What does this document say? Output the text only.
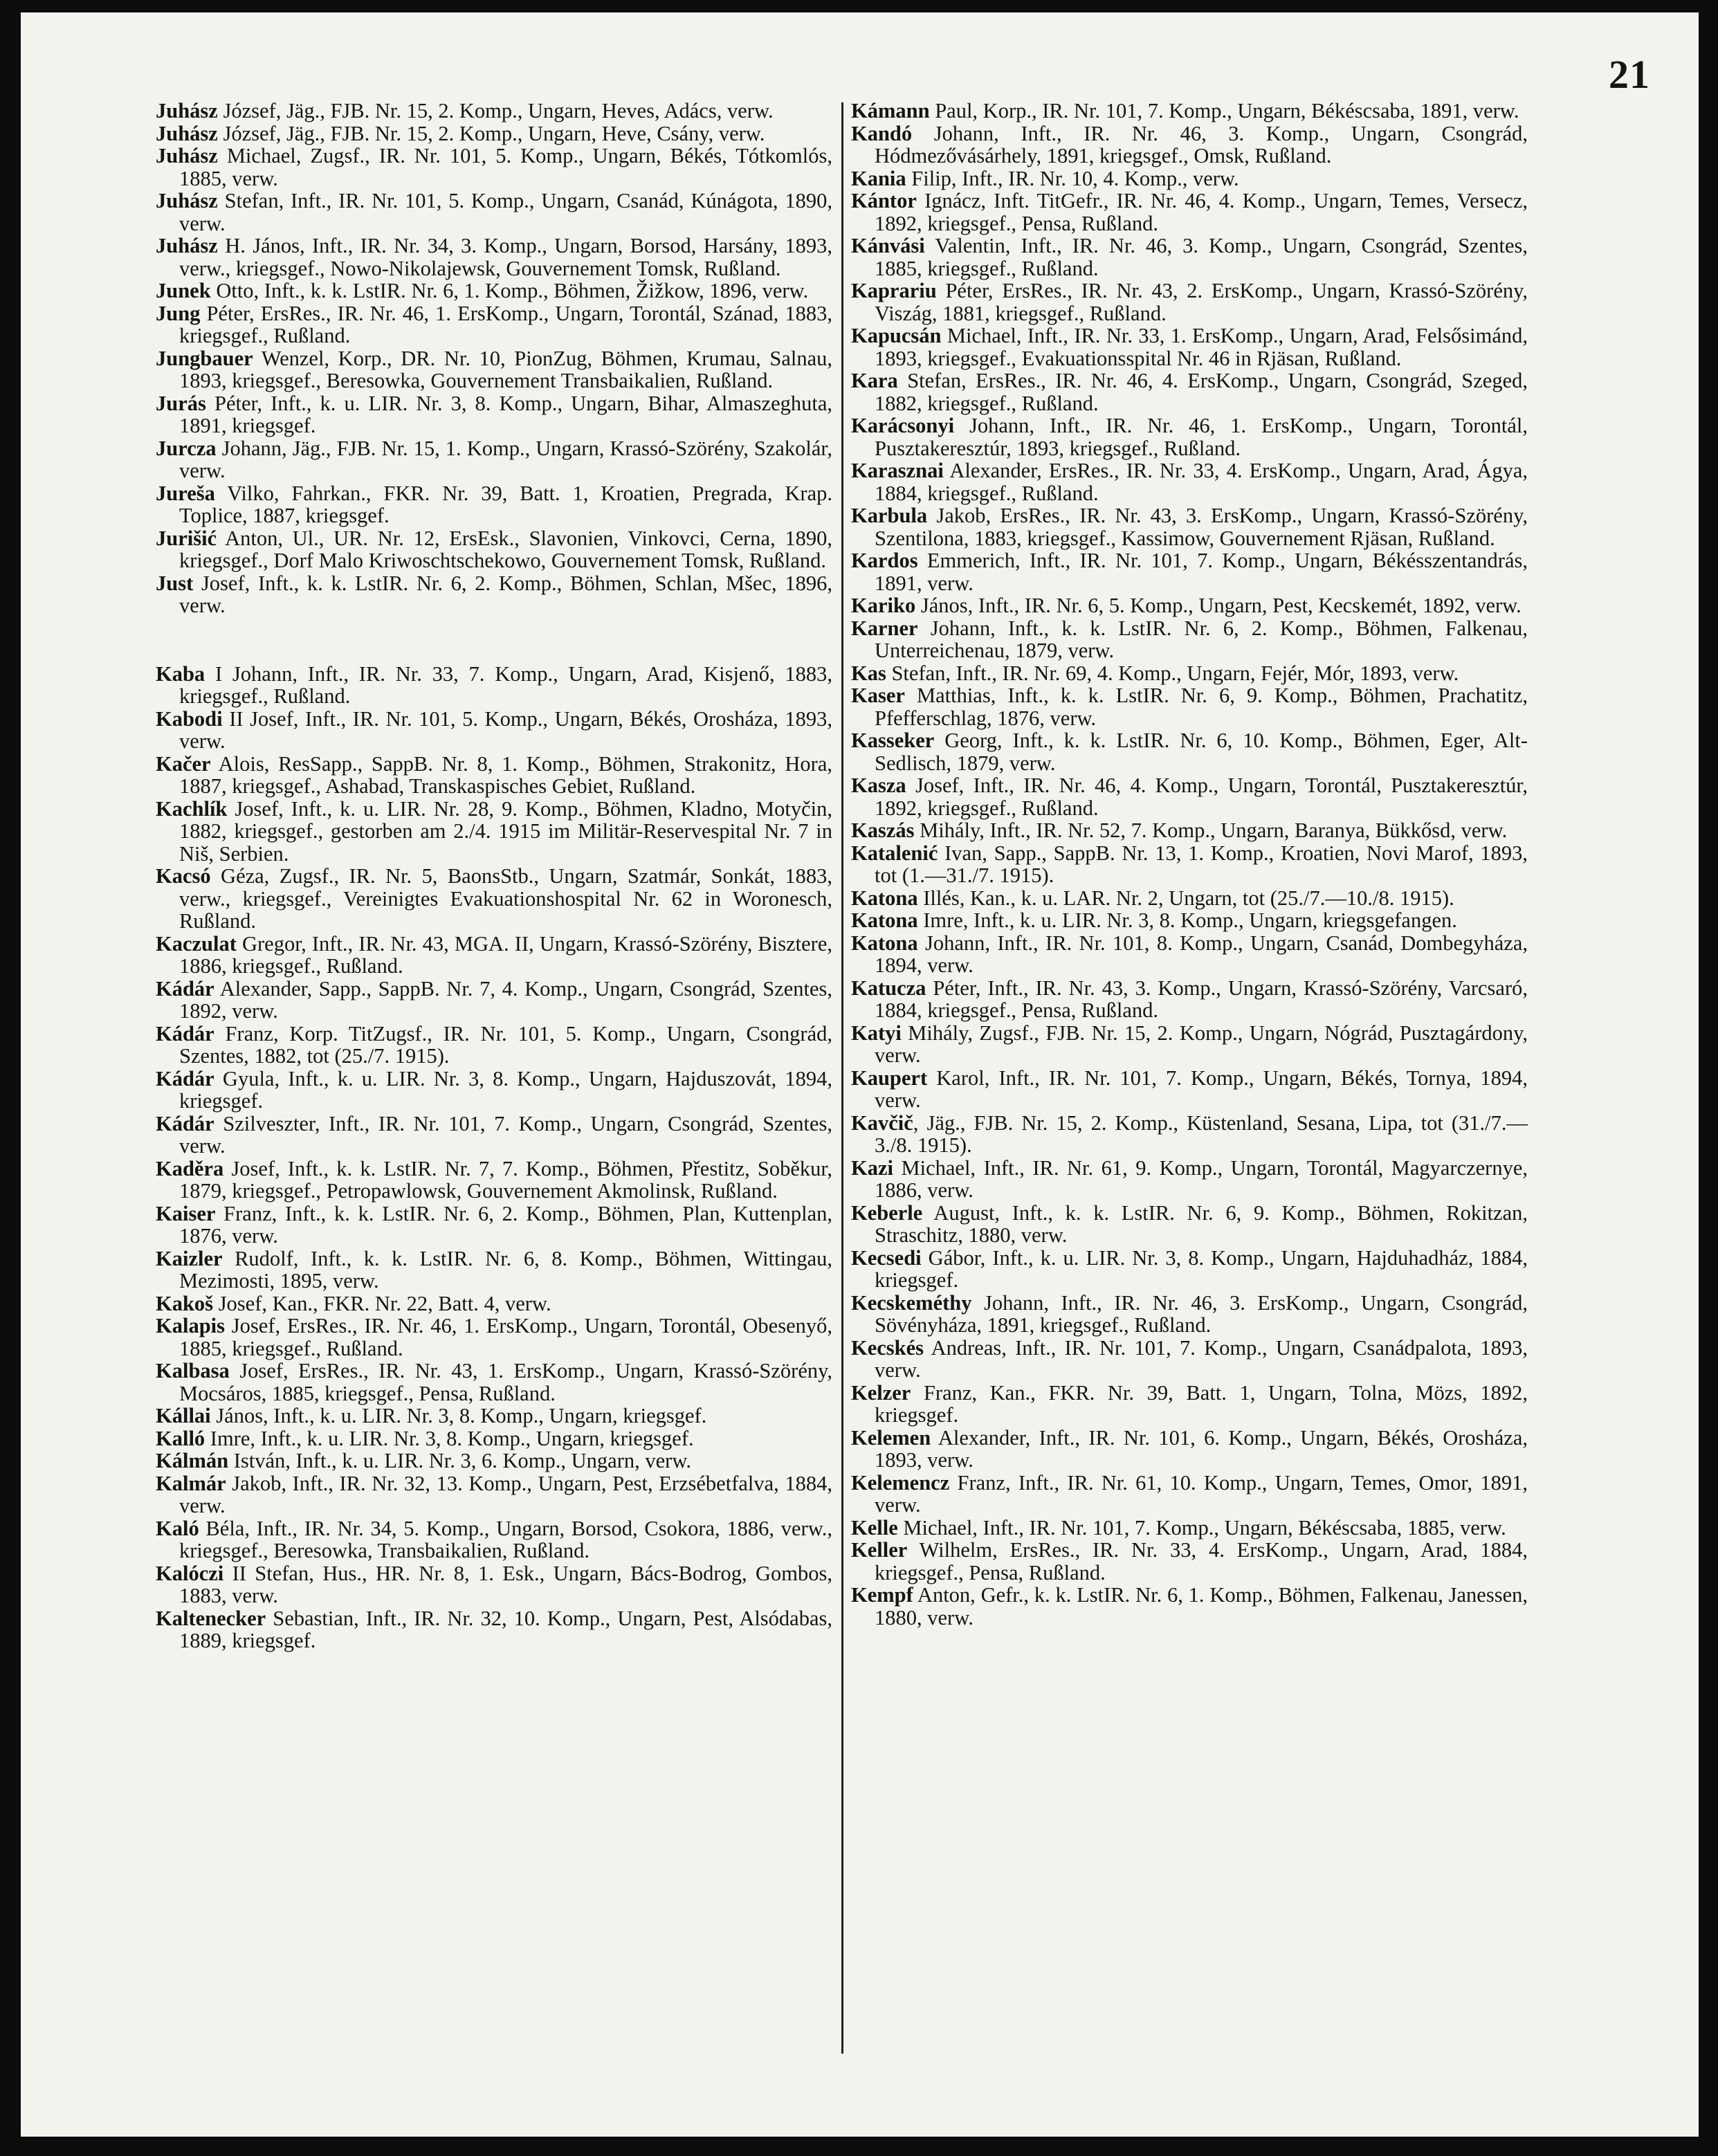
21

Juhász József, Jäg., FJB. Nr. 15, 2. Komp., Ungarn, Heves, Adács, verw.

Juhász József, Jäg., FJB. Nr. 15, 2. Komp., Ungarn, Heve, Csány, verw.

Juhász Michael, Zugsf., IR. Nr. 101, 5. Komp., Ungarn, Békés, Tótkomlós, 1885, verw.

Juhász Stefan, Inft., IR. Nr. 101, 5. Komp., Ungarn, Csanád, Kúnágota, 1890, verw.

Juhász H. János, Inft., IR. Nr. 34, 3. Komp., Ungarn, Borsod, Harsány, 1893, verw., kriegsgef., Nowo-Nikolajewsk, Gouvernement Tomsk, Rußland.

Junek Otto, Inft., k. k. LstIR. Nr. 6, 1. Komp., Böhmen, Žižkow, 1896, verw.

Jung Péter, ErsRes., IR. Nr. 46, 1. ErsKomp., Ungarn, Torontál, Szánad, 1883, kriegsgef., Rußland.

Jungbauer Wenzel, Korp., DR. Nr. 10, PionZug, Böhmen, Krumau, Salnau, 1893, kriegsgef., Beresowka, Gouvernement Transbaikalien, Rußland.

Jurás Péter, Inft., k. u. LIR. Nr. 3, 8. Komp., Ungarn, Bihar, Almaszeghuta, 1891, kriegsgef.

Jurcza Johann, Jäg., FJB. Nr. 15, 1. Komp., Ungarn, Krassó-Szörény, Szakolár, verw.

Jureša Vilko, Fahrkan., FKR. Nr. 39, Batt. 1, Kroatien, Pregrada, Krap. Toplice, 1887, kriegsgef.

Jurišić Anton, Ul., UR. Nr. 12, ErsEsk., Slavonien, Vinkovci, Cerna, 1890, kriegsgef., Dorf Malo Kriwoschtschekowo, Gouvernement Tomsk, Rußland.

Just Josef, Inft., k. k. LstIR. Nr. 6, 2. Komp., Böhmen, Schlan, Mšec, 1896, verw.

Kaba I Johann, Inft., IR. Nr. 33, 7. Komp., Ungarn, Arad, Kisjenő, 1883, kriegsgef., Rußland.

Kabodi II Josef, Inft., IR. Nr. 101, 5. Komp., Ungarn, Békés, Orosháza, 1893, verw.

Kačer Alois, ResSapp., SappB. Nr. 8, 1. Komp., Böhmen, Strakonitz, Hora, 1887, kriegsgef., Ashabad, Transkaspisches Gebiet, Rußland.

Kachlík Josef, Inft., k. u. LIR. Nr. 28, 9. Komp., Böhmen, Kladno, Motyčin, 1882, kriegsgef., gestorben am 2./4. 1915 im Militär-Reservespital Nr. 7 in Niš, Serbien.

Kacsó Géza, Zugsf., IR. Nr. 5, BaonsStb., Ungarn, Szatmár, Sonkát, 1883, verw., kriegsgef., Vereinigtes Evakuationshospital Nr. 62 in Woronesch, Rußland.

Kaczulat Gregor, Inft., IR. Nr. 43, MGA. II, Ungarn, Krassó-Szörény, Bisztere, 1886, kriegsgef., Rußland.

Kádár Alexander, Sapp., SappB. Nr. 7, 4. Komp., Ungarn, Csongrád, Szentes, 1892, verw.

Kádár Franz, Korp. TitZugsf., IR. Nr. 101, 5. Komp., Ungarn, Csongrád, Szentes, 1882, tot (25./7. 1915).

Kádár Gyula, Inft., k. u. LIR. Nr. 3, 8. Komp., Ungarn, Hajduszovát, 1894, kriegsgef.

Kádár Szilveszter, Inft., IR. Nr. 101, 7. Komp., Ungarn, Csongrád, Szentes, verw.

Kaděra Josef, Inft., k. k. LstIR. Nr. 7, 7. Komp., Böhmen, Přestitz, Soběkur, 1879, kriegsgef., Petropawlowsk, Gouvernement Akmolinsk, Rußland.

Kaiser Franz, Inft., k. k. LstIR. Nr. 6, 2. Komp., Böhmen, Plan, Kuttenplan, 1876, verw.

Kaizler Rudolf, Inft., k. k. LstIR. Nr. 6, 8. Komp., Böhmen, Wittingau, Mezimosti, 1895, verw.

Kakoš Josef, Kan., FKR. Nr. 22, Batt. 4, verw.

Kalapis Josef, ErsRes., IR. Nr. 46, 1. ErsKomp., Ungarn, Torontál, Obesenyő, 1885, kriegsgef., Rußland.

Kalbasa Josef, ErsRes., IR. Nr. 43, 1. ErsKomp., Ungarn, Krassó-Szörény, Mocsáros, 1885, kriegsgef., Pensa, Rußland.

Kállai János, Inft., k. u. LIR. Nr. 3, 8. Komp., Ungarn, kriegsgef.

Kalló Imre, Inft., k. u. LIR. Nr. 3, 8. Komp., Ungarn, kriegsgef.

Kálmán István, Inft., k. u. LIR. Nr. 3, 6. Komp., Ungarn, verw.

Kalmár Jakob, Inft., IR. Nr. 32, 13. Komp., Ungarn, Pest, Erzsébetfalva, 1884, verw.

Kaló Béla, Inft., IR. Nr. 34, 5. Komp., Ungarn, Borsod, Csokora, 1886, verw., kriegsgef., Beresowka, Transbaikalien, Rußland.

Kalóczi II Stefan, Hus., HR. Nr. 8, 1. Esk., Ungarn, Bács-Bodrog, Gombos, 1883, verw.

Kaltenecker Sebastian, Inft., IR. Nr. 32, 10. Komp., Ungarn, Pest, Alsódabas, 1889, kriegsgef.

Kámann Paul, Korp., IR. Nr. 101, 7. Komp., Ungarn, Békéscsaba, 1891, verw.

Kandó Johann, Inft., IR. Nr. 46, 3. Komp., Ungarn, Csongrád, Hódmezővásárhely, 1891, kriegsgef., Omsk, Rußland.

Kania Filip, Inft., IR. Nr. 10, 4. Komp., verw.

Kántor Ignácz, Inft. TitGefr., IR. Nr. 46, 4. Komp., Ungarn, Temes, Versecz, 1892, kriegsgef., Pensa, Rußland.

Kánvási Valentin, Inft., IR. Nr. 46, 3. Komp., Ungarn, Csongrád, Szentes, 1885, kriegsgef., Rußland.

Kaprariu Péter, ErsRes., IR. Nr. 43, 2. ErsKomp., Ungarn, Krassó-Szörény, Viszág, 1881, kriegsgef., Rußland.

Kapucsán Michael, Inft., IR. Nr. 33, 1. ErsKomp., Ungarn, Arad, Felsősimánd, 1893, kriegsgef., Evakuationsspital Nr. 46 in Rjäsan, Rußland.

Kara Stefan, ErsRes., IR. Nr. 46, 4. ErsKomp., Ungarn, Csongrád, Szeged, 1882, kriegsgef., Rußland.

Karácsonyi Johann, Inft., IR. Nr. 46, 1. ErsKomp., Ungarn, Torontál, Pusztakeresztúr, 1893, kriegsgef., Rußland.

Karasznai Alexander, ErsRes., IR. Nr. 33, 4. ErsKomp., Ungarn, Arad, Ágya, 1884, kriegsgef., Rußland.

Karbula Jakob, ErsRes., IR. Nr. 43, 3. ErsKomp., Ungarn, Krassó-Szörény, Szentilona, 1883, kriegsgef., Kassimow, Gouvernement Rjäsan, Rußland.

Kardos Emmerich, Inft., IR. Nr. 101, 7. Komp., Ungarn, Békésszentandrás, 1891, verw.

Kariko János, Inft., IR. Nr. 6, 5. Komp., Ungarn, Pest, Kecskemét, 1892, verw.

Karner Johann, Inft., k. k. LstIR. Nr. 6, 2. Komp., Böhmen, Falkenau, Unterreichenau, 1879, verw.

Kas Stefan, Inft., IR. Nr. 69, 4. Komp., Ungarn, Fejér, Mór, 1893, verw.

Kaser Matthias, Inft., k. k. LstIR. Nr. 6, 9. Komp., Böhmen, Prachatitz, Pfefferschlag, 1876, verw.

Kasseker Georg, Inft., k. k. LstIR. Nr. 6, 10. Komp., Böhmen, Eger, Alt-Sedlisch, 1879, verw.

Kasza Josef, Inft., IR. Nr. 46, 4. Komp., Ungarn, Torontál, Pusztakeresztúr, 1892, kriegsgef., Rußland.

Kaszás Mihály, Inft., IR. Nr. 52, 7. Komp., Ungarn, Baranya, Bükkősd, verw.

Katalenić Ivan, Sapp., SappB. Nr. 13, 1. Komp., Kroatien, Novi Marof, 1893, tot (1.—31./7. 1915).

Katona Illés, Kan., k. u. LAR. Nr. 2, Ungarn, tot (25./7.—10./8. 1915).

Katona Imre, Inft., k. u. LIR. Nr. 3, 8. Komp., Ungarn, kriegsgefangen.

Katona Johann, Inft., IR. Nr. 101, 8. Komp., Ungarn, Csanád, Dombegyháza, 1894, verw.

Katucza Péter, Inft., IR. Nr. 43, 3. Komp., Ungarn, Krassó-Szörény, Varcsaró, 1884, kriegsgef., Pensa, Rußland.

Katyi Mihály, Zugsf., FJB. Nr. 15, 2. Komp., Ungarn, Nógrád, Pusztagárdony, verw.

Kaupert Karol, Inft., IR. Nr. 101, 7. Komp., Ungarn, Békés, Tornya, 1894, verw.

Kavčič, Jäg., FJB. Nr. 15, 2. Komp., Küstenland, Sesana, Lipa, tot (31./7.—3./8. 1915).

Kazi Michael, Inft., IR. Nr. 61, 9. Komp., Ungarn, Torontál, Magyarczernye, 1886, verw.

Keberle August, Inft., k. k. LstIR. Nr. 6, 9. Komp., Böhmen, Rokitzan, Straschitz, 1880, verw.

Kecsedi Gábor, Inft., k. u. LIR. Nr. 3, 8. Komp., Ungarn, Hajduhadház, 1884, kriegsgef.

Kecskeméthy Johann, Inft., IR. Nr. 46, 3. ErsKomp., Ungarn, Csongrád, Sövényháza, 1891, kriegsgef., Rußland.

Kecskés Andreas, Inft., IR. Nr. 101, 7. Komp., Ungarn, Csanádpalota, 1893, verw.

Kelzer Franz, Kan., FKR. Nr. 39, Batt. 1, Ungarn, Tolna, Mözs, 1892, kriegsgef.

Kelemen Alexander, Inft., IR. Nr. 101, 6. Komp., Ungarn, Békés, Orosháza, 1893, verw.

Kelemencz Franz, Inft., IR. Nr. 61, 10. Komp., Ungarn, Temes, Omor, 1891, verw.

Kelle Michael, Inft., IR. Nr. 101, 7. Komp., Ungarn, Békéscsaba, 1885, verw.

Keller Wilhelm, ErsRes., IR. Nr. 33, 4. ErsKomp., Ungarn, Arad, 1884, kriegsgef., Pensa, Rußland.

Kempf Anton, Gefr., k. k. LstIR. Nr. 6, 1. Komp., Böhmen, Falkenau, Janessen, 1880, verw.
